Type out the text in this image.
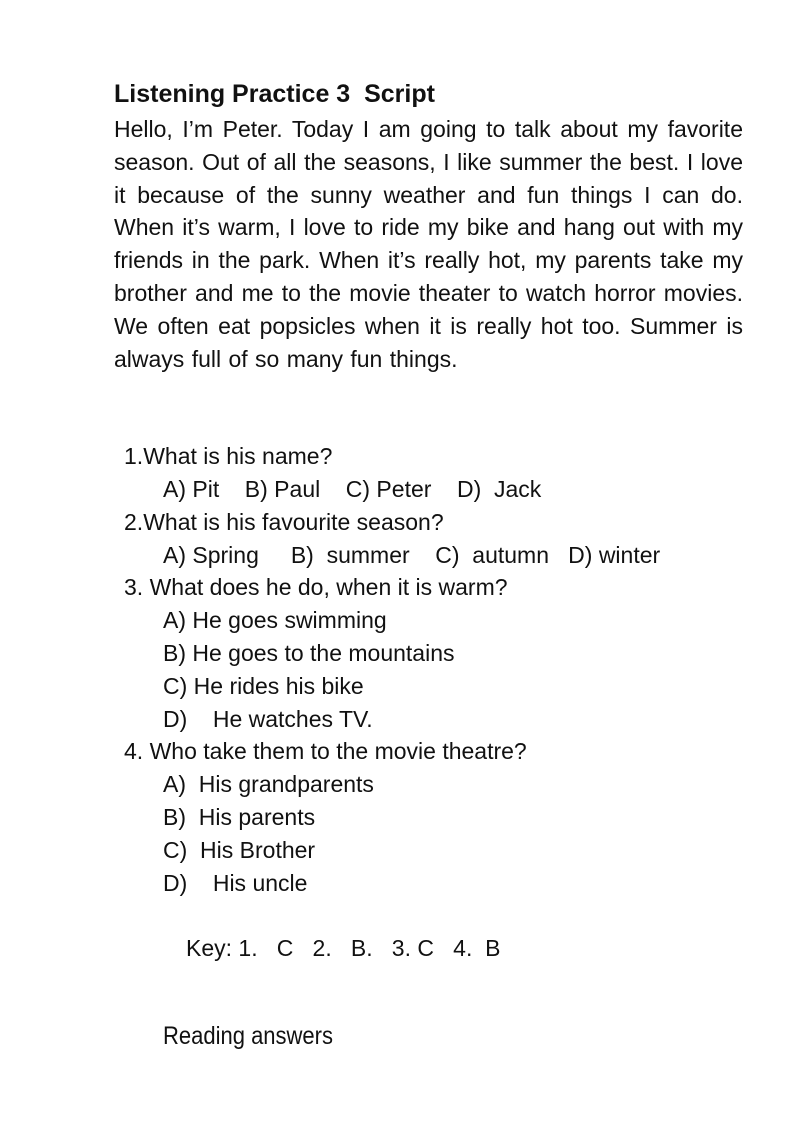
Listening Practice 3  Script
Hello, I’m Peter. Today I am going to talk about my favorite season. Out of all the seasons, I like summer the best. I love it because of the sunny weather and fun things I can do. When it’s warm, I love to ride my bike and hang out with my friends in the park. When it’s really hot, my parents take my brother and me to the movie theater to watch horror movies. We often eat popsicles when it is really hot too. Summer is always full of so many fun things.
1.What is his name?
A) Pit    B) Paul    C) Peter    D)  Jack
2.What is his favourite season?
A) Spring     B)  summer    C)  autumn   D) winter
3. What does he do, when it is warm?
A) He goes swimming
B) He goes to the mountains
C) He rides his bike
D)    He watches TV.
4. Who take them to the movie theatre?
A)  His grandparents
B)  His parents
C)  His Brother
D)    His uncle
Key: 1.   C   2.   B.   3. C   4.  B
Reading answers
